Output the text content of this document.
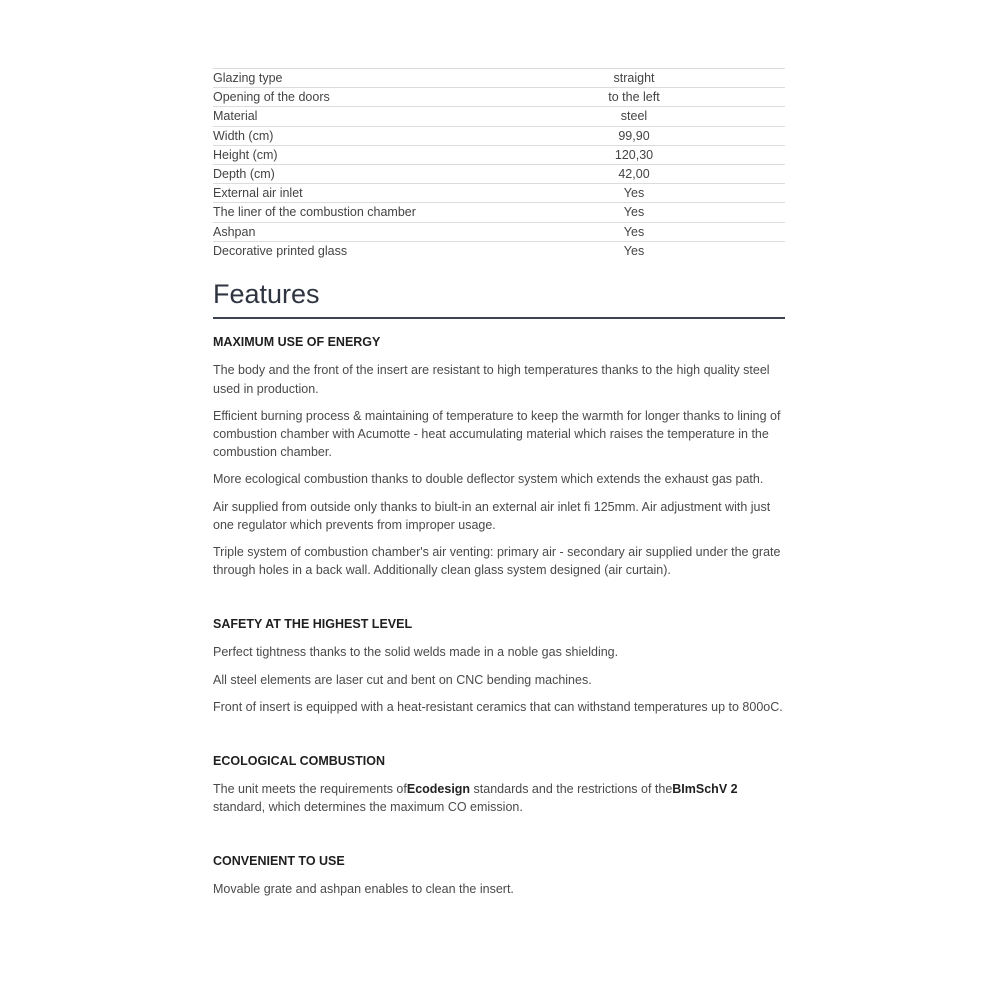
Glazing type	straight
Opening of the doors	to the left
Material	steel
Width (cm)	99,90
Height (cm)	120,30
Depth (cm)	42,00
External air inlet	Yes
The liner of the combustion chamber	Yes
Ashpan	Yes
Decorative printed glass	Yes
Features
MAXIMUM USE OF ENERGY

The body and the front of the insert are resistant to high temperatures thanks to the high quality steel used in production.

Efficient burning process & maintaining of temperature to keep the warmth for longer thanks to lining of combustion chamber with Acumotte - heat accumulating material which raises the temperature in the combustion chamber.

More ecological combustion thanks to double deflector system which extends the exhaust gas path.

Air supplied from outside only thanks to biult-in an external air inlet fi 125mm. Air adjustment with just one regulator which prevents from improper usage.

Triple system of combustion chamber's air venting: primary air - secondary air supplied under the grate through holes in a back wall. Additionally clean glass system designed (air curtain).

SAFETY AT THE HIGHEST LEVEL

Perfect tightness thanks to the solid welds made in a noble gas shielding.

All steel elements are laser cut and bent on CNC bending machines.

Front of insert is equipped with a heat-resistant ceramics that can withstand temperatures up to 800oC.

ECOLOGICAL COMBUSTION

The unit meets the requirements ofEcodesign standards and the restrictions of theBImSchV 2 standard, which determines the maximum CO emission.

CONVENIENT TO USE

Movable grate and ashpan enables to clean the insert.
